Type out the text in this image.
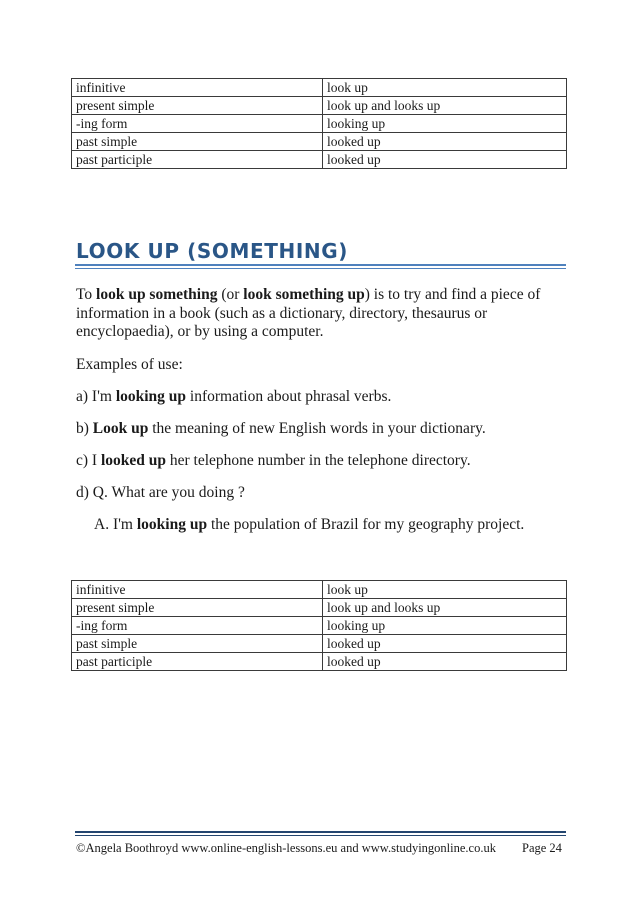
infinitive	look up
present simple	look up and looks up
-ing form	looking up
past simple	looked up
past participle	looked up
LOOK UP (SOMETHING)

To look up something (or look something up) is to try and find a piece of information in a book (such as a dictionary, directory, thesaurus or encyclopaedia), or by using a computer.

Examples of use:

a) I'm looking up information about phrasal verbs.

b) Look up the meaning of new English words in your dictionary.

c) I looked up her telephone number in the telephone directory.

d) Q. What are you doing ?

A. I'm looking up the population of Brazil for my geography project.

infinitive	look up
present simple	look up and looks up
-ing form	looking up
past simple	looked up
past participle	looked up

©Angela Boothroyd www.online-english-lessons.eu and www.studyingonline.co.uk Page 24
